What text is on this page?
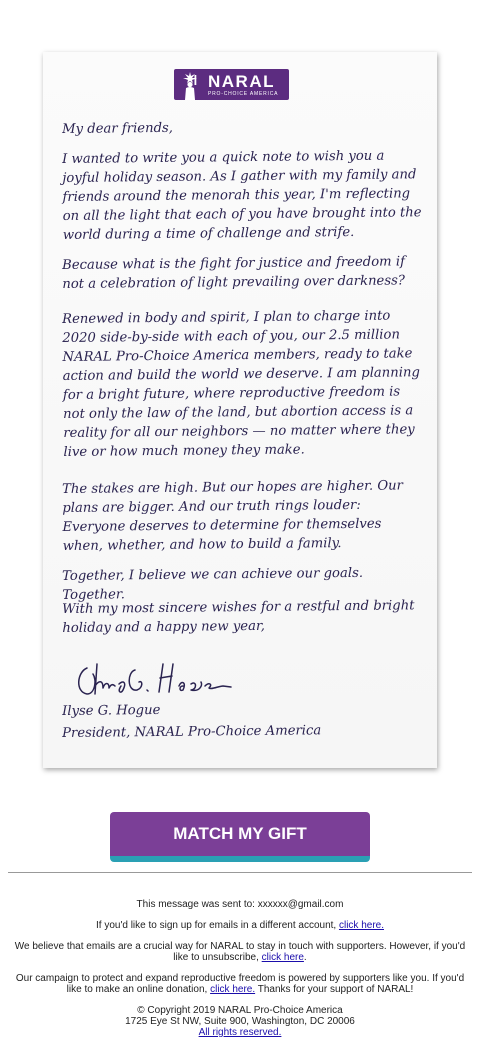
NARAL
PRO-CHOICE AMERICA

My dear friends,

I wanted to write you a quick note to wish you a joyful holiday season. As I gather with my family and friends around the menorah this year, I'm reflecting on all the light that each of you have brought into the world during a time of challenge and strife.

Because what is the fight for justice and freedom if not a celebration of light prevailing over darkness?

Renewed in body and spirit, I plan to charge into 2020 side-by-side with each of you, our 2.5 million NARAL Pro-Choice America members, ready to take action and build the world we deserve. I am planning for a bright future, where reproductive freedom is not only the law of the land, but abortion access is a reality for all our neighbors — no matter where they live or how much money they make.

The stakes are high. But our hopes are higher. Our plans are bigger. And our truth rings louder: Everyone deserves to determine for themselves when, whether, and how to build a family.

Together, I believe we can achieve our goals. Together.

With my most sincere wishes for a restful and bright holiday and a happy new year,

Ilyse G. Hogue

President, NARAL Pro-Choice America

MATCH MY GIFT

This message was sent to: xxxxxx@gmail.com

If you'd like to sign up for emails in a different account, click here.

We believe that emails are a crucial way for NARAL to stay in touch with supporters. However, if you'd like to unsubscribe, click here.

Our campaign to protect and expand reproductive freedom is powered by supporters like you. If you'd like to make an online donation, click here. Thanks for your support of NARAL!

© Copyright 2019 NARAL Pro-Choice America
1725 Eye St NW, Suite 900, Washington, DC 20006
All rights reserved.
